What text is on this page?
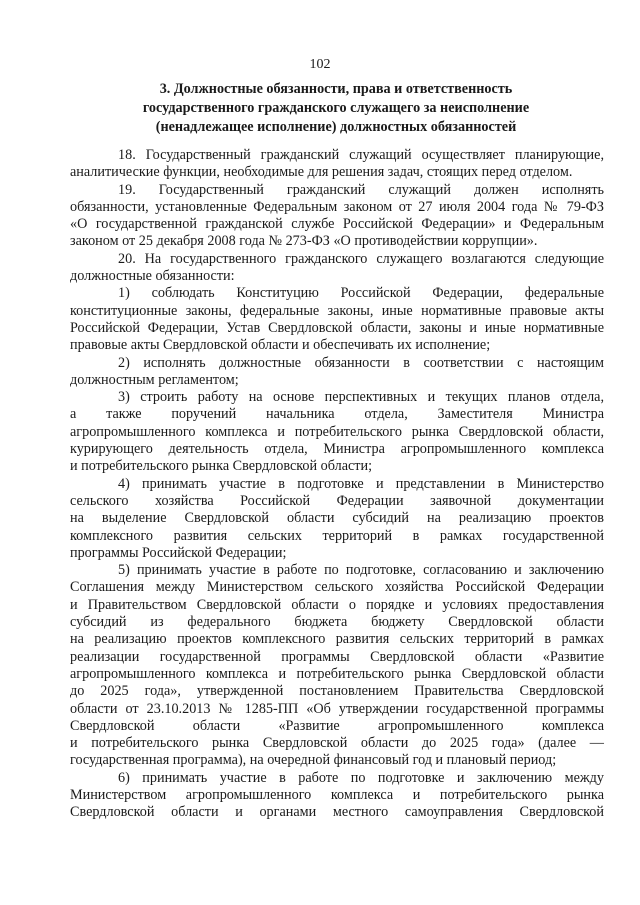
102
3. Должностные обязанности, права и ответственность
государственного гражданского служащего за неисполнение
(ненадлежащее исполнение) должностных обязанностей
18. Государственный гражданский служащий осуществляет планирующие,
аналитические функции, необходимые для решения задач, стоящих перед отделом.
19. Государственный гражданский служащий должен исполнять
обязанности, установленные Федеральным законом от 27 июля 2004 года № 79-ФЗ
«О государственной гражданской службе Российской Федерации» и Федеральным
законом от 25 декабря 2008 года № 273-ФЗ «О противодействии коррупции».
20. На государственного гражданского служащего возлагаются следующие
должностные обязанности:
1) соблюдать Конституцию Российской Федерации, федеральные
конституционные законы, федеральные законы, иные нормативные правовые акты
Российской Федерации, Устав Свердловской области, законы и иные нормативные
правовые акты Свердловской области и обеспечивать их исполнение;
2) исполнять должностные обязанности в соответствии с настоящим
должностным регламентом;
3) строить работу на основе перспективных и текущих планов отдела,
а также поручений начальника отдела, Заместителя Министра
агропромышленного комплекса и потребительского рынка Свердловской области,
курирующего деятельность отдела, Министра агропромышленного комплекса
и потребительского рынка Свердловской области;
4) принимать участие в подготовке и представлении в Министерство
сельского хозяйства Российской Федерации заявочной документации
на выделение Свердловской области субсидий на реализацию проектов
комплексного развития сельских территорий в рамках государственной
программы Российской Федерации;
5) принимать участие в работе по подготовке, согласованию и заключению
Соглашения между Министерством сельского хозяйства Российской Федерации
и Правительством Свердловской области о порядке и условиях предоставления
субсидий из федерального бюджета бюджету Свердловской области
на реализацию проектов комплексного развития сельских территорий в рамках
реализации государственной программы Свердловской области «Развитие
агропромышленного комплекса и потребительского рынка Свердловской области
до 2025 года», утвержденной постановлением Правительства Свердловской
области от 23.10.2013 № 1285-ПП «Об утверждении государственной программы
Свердловской области «Развитие агропромышленного комплекса
и потребительского рынка Свердловской области до 2025 года» (далее —
государственная программа), на очередной финансовый год и плановый период;
6) принимать участие в работе по подготовке и заключению между
Министерством агропромышленного комплекса и потребительского рынка
Свердловской области и органами местного самоуправления Свердловской
